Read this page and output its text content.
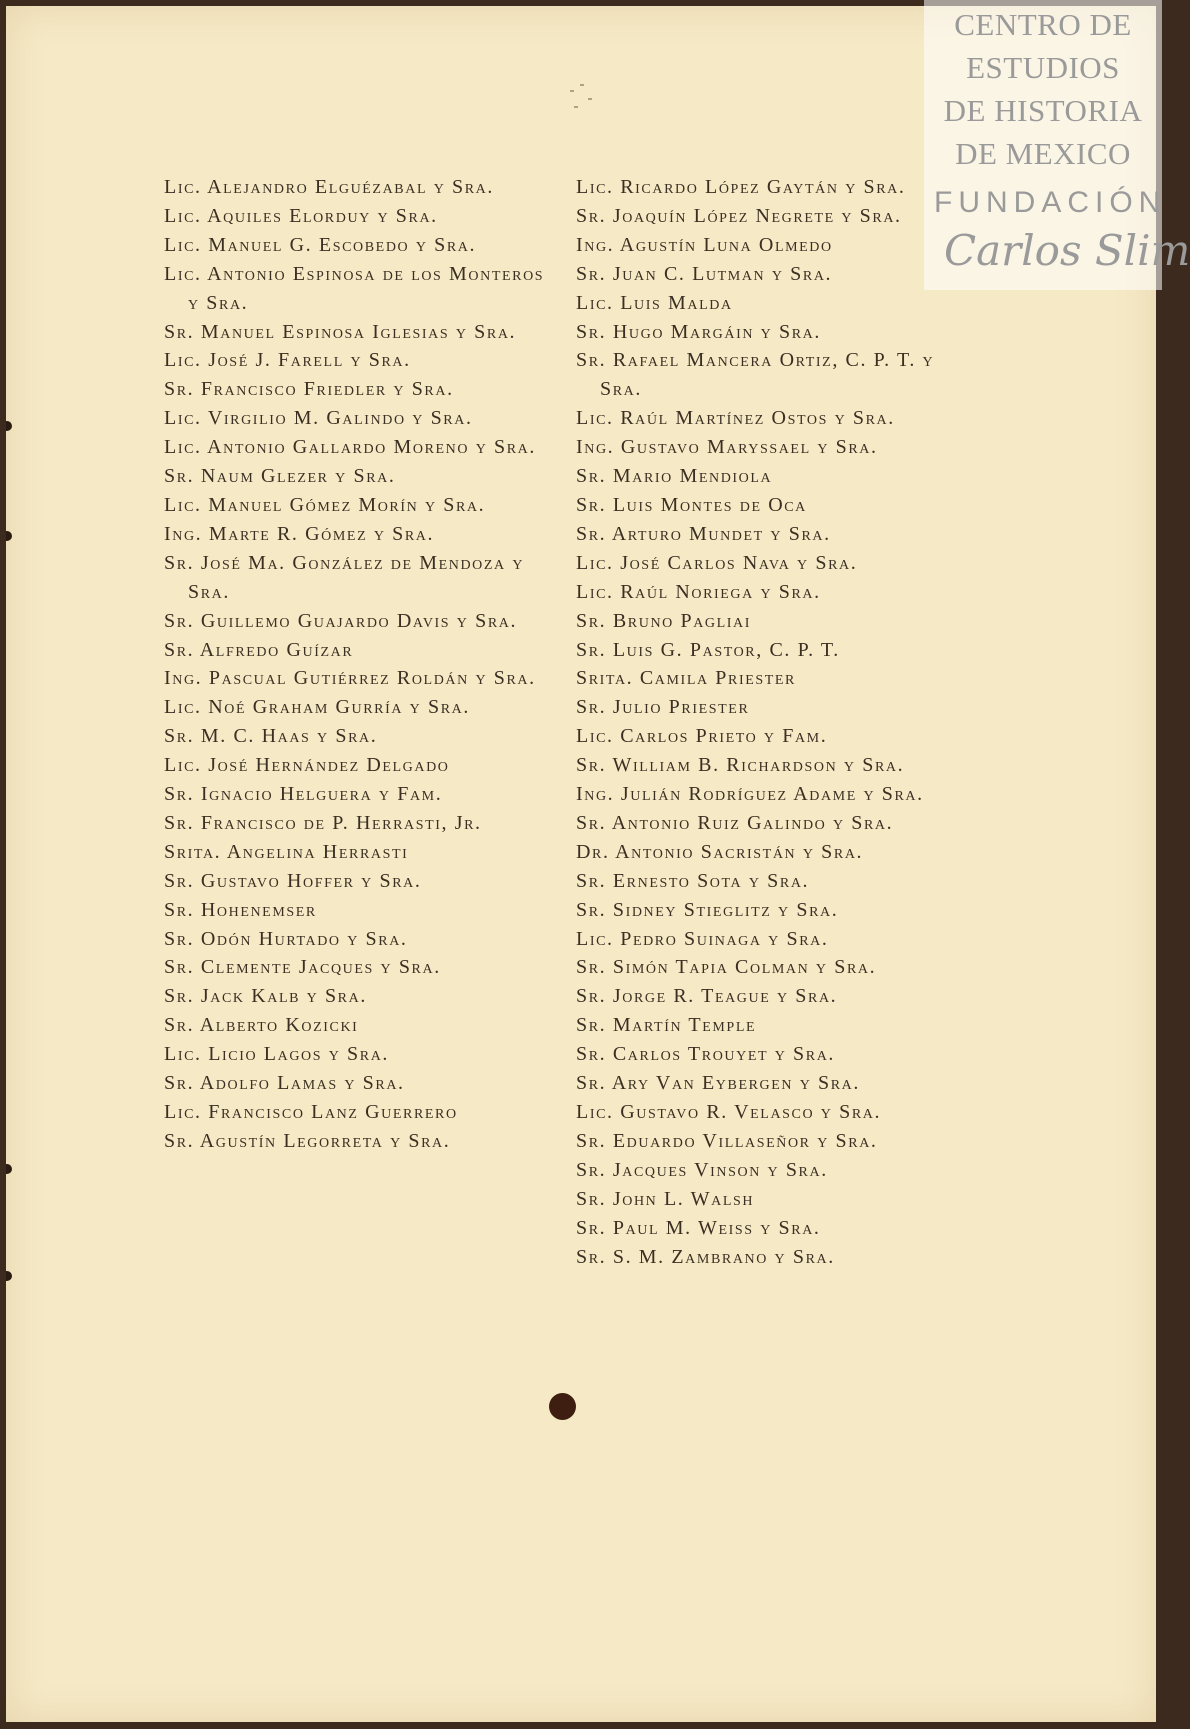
Lic. Alejandro Elguézabal y Sra.
Lic. Aquiles Elorduy y Sra.
Lic. Manuel G. Escobedo y Sra.
Lic. Antonio Espinosa de los Monteros y Sra.
Sr. Manuel Espinosa Iglesias y Sra.
Lic. José J. Farell y Sra.
Sr. Francisco Friedler y Sra.
Lic. Virgilio M. Galindo y Sra.
Lic. Antonio Gallardo Moreno y Sra.
Sr. Naum Glezer y Sra.
Lic. Manuel Gómez Morín y Sra.
Ing. Marte R. Gómez y Sra.
Sr. José Ma. González de Mendoza y Sra.
Sr. Guillemo Guajardo Davis y Sra.
Sr. Alfredo Guízar
Ing. Pascual Gutiérrez Roldán y Sra.
Lic. Noé Graham Gurría y Sra.
Sr. M. C. Haas y Sra.
Lic. José Hernández Delgado
Sr. Ignacio Helguera y Fam.
Sr. Francisco de P. Herrasti, Jr.
Srita. Angelina Herrasti
Sr. Gustavo Hoffer y Sra.
Sr. Hohenemser
Sr. Odón Hurtado y Sra.
Sr. Clemente Jacques y Sra.
Sr. Jack Kalb y Sra.
Sr. Alberto Kozicki
Lic. Licio Lagos y Sra.
Sr. Adolfo Lamas y Sra.
Lic. Francisco Lanz Guerrero
Sr. Agustín Legorreta y Sra.
Lic. Ricardo López Gaytán y Sra.
Sr. Joaquín López Negrete y Sra.
Ing. Agustín Luna Olmedo
Sr. Juan C. Lutman y Sra.
Lic. Luis Malda
Sr. Hugo Margáin y Sra.
Sr. Rafael Mancera Ortiz, C. P. T. y Sra.
Lic. Raúl Martínez Ostos y Sra.
Ing. Gustavo Maryssael y Sra.
Sr. Mario Mendiola
Sr. Luis Montes de Oca
Sr. Arturo Mundet y Sra.
Lic. José Carlos Nava y Sra.
Lic. Raúl Noriega y Sra.
Sr. Bruno Pagliai
Sr. Luis G. Pastor, C. P. T.
Srita. Camila Priester
Sr. Julio Priester
Lic. Carlos Prieto y Fam.
Sr. William B. Richardson y Sra.
Ing. Julián Rodríguez Adame y Sra.
Sr. Antonio Ruiz Galindo y Sra.
Dr. Antonio Sacristán y Sra.
Sr. Ernesto Sota y Sra.
Sr. Sidney Stieglitz y Sra.
Lic. Pedro Suinaga y Sra.
Sr. Simón Tapia Colman y Sra.
Sr. Jorge R. Teague y Sra.
Sr. Martín Temple
Sr. Carlos Trouyet y Sra.
Sr. Ary Van Eybergen y Sra.
Lic. Gustavo R. Velasco y Sra.
Sr. Eduardo Villaseñor y Sra.
Sr. Jacques Vinson y Sra.
Sr. John L. Walsh
Sr. Paul M. Weiss y Sra.
Sr. S. M. Zambrano y Sra.
CENTRO DE
ESTUDIOS
DE HISTORIA
DE MEXICO
FUNDACIÓN
Carlos Slim
